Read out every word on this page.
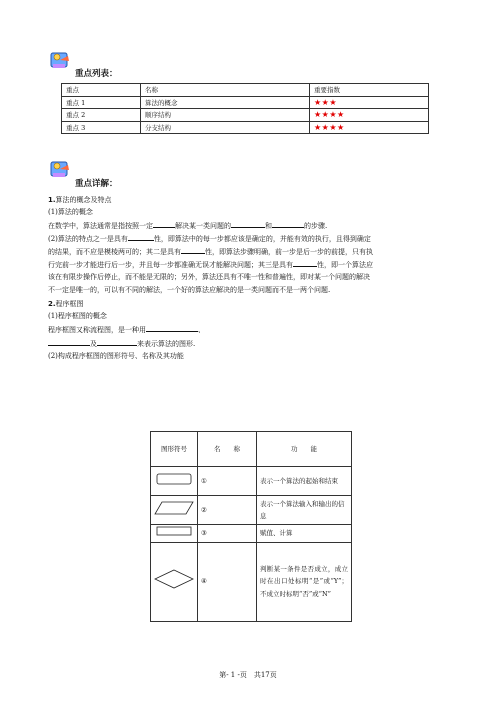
重点列表：
重点	名称	重要指数
重点 1	算法的概念	★★★
重点 2	顺序结构	★★★★
重点 3	分支结构	★★★★
重点详解：
1.算法的概念及特点
(1)算法的概念
在数学中，算法通常是指按照一定	解决某一类问题的	和	的步骤.
(2)算法的特点之一是具有	性，即算法中的每一步都应该是确定的，并能有效的执行，且得到确定
的结果，而不应是模棱两可的；其二是具有	性，即算法步骤明确，前一步是后一步的前提，只有执
行完前一步才能进行后一步，并且每一步都准确无误才能解决问题；其三是具有	性，即一个算法应
该在有限步操作后停止，而不能是无限的；另外，算法还具有不唯一性和普遍性，即对某一个问题的解决
不一定是唯一的，可以有不同的解法，一个好的算法应解决的是一类问题而不是一两个问题.
2.程序框图
(1)程序框图的概念
程序框图又称流程图，是一种用	、
及	来表示算法的图形.
(2)构成程序框图的图形符号、名称及其功能
图形符号	名　　称	功　　能
	①	表示一个算法的起始和结束
	②	表示一个算法输入和输出的信息
	③	赋值、计算
	④	判断某一条件是否成立，成立时在出口处标明“是”或“Y”；不成立时标明“否”或“N”
第- 1 -页　共17页
